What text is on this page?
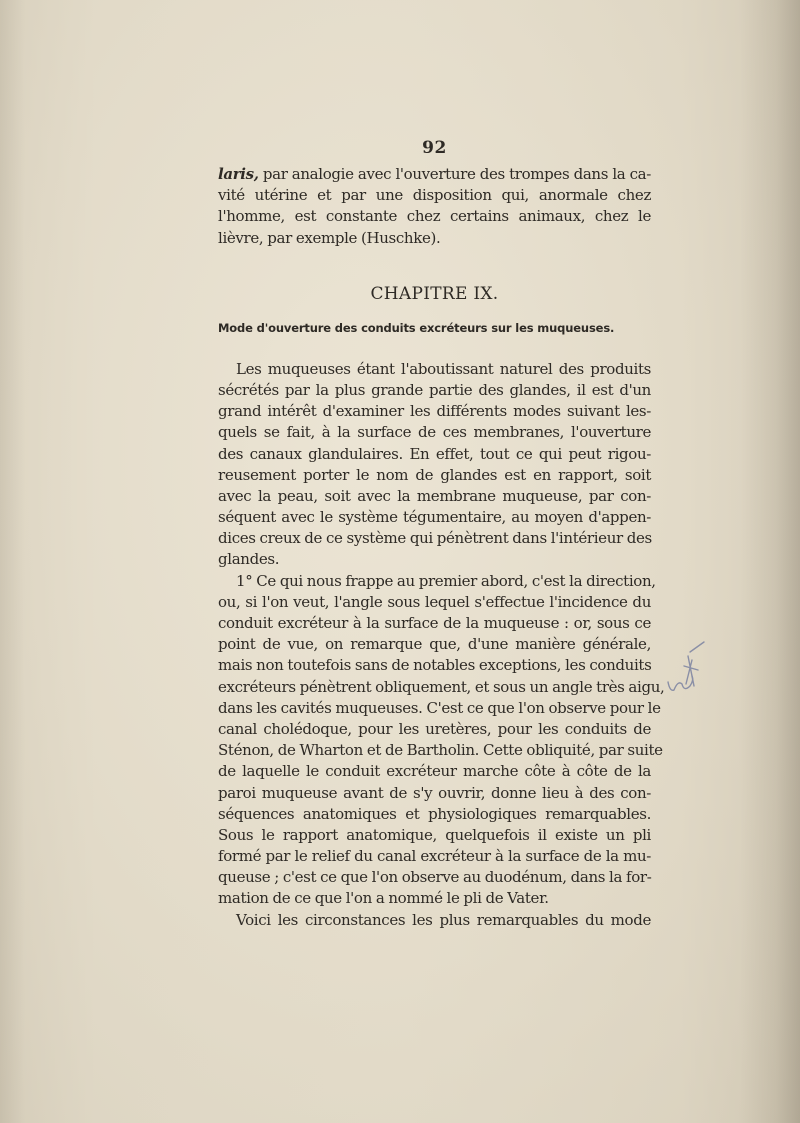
92
laris, par analogie avec l'ouverture des trompes dans la ca-
vité utérine et par une disposition qui, anormale chez
l'homme, est constante chez certains animaux, chez le
lièvre, par exemple (Huschke).
CHAPITRE IX.
Mode d'ouverture des conduits excréteurs sur les muqueuses.
Les muqueuses étant l'aboutissant naturel des produits
sécrétés par la plus grande partie des glandes, il est d'un
grand intérêt d'examiner les différents modes suivant les-
quels se fait, à la surface de ces membranes, l'ouverture
des canaux glandulaires. En effet, tout ce qui peut rigou-
reusement porter le nom de glandes est en rapport, soit
avec la peau, soit avec la membrane muqueuse, par con-
séquent avec le système tégumentaire, au moyen d'appen-
dices creux de ce système qui pénètrent dans l'intérieur des
glandes.
1° Ce qui nous frappe au premier abord, c'est la direction,
ou, si l'on veut, l'angle sous lequel s'effectue l'incidence du
conduit excréteur à la surface de la muqueuse : or, sous ce
point de vue, on remarque que, d'une manière générale,
mais non toutefois sans de notables exceptions, les conduits
excréteurs pénètrent obliquement, et sous un angle très aigu,
dans les cavités muqueuses. C'est ce que l'on observe pour le
canal cholédoque, pour les uretères, pour les conduits de
Sténon, de Wharton et de Bartholin. Cette obliquité, par suite
de laquelle le conduit excréteur marche côte à côte de la
paroi muqueuse avant de s'y ouvrir, donne lieu à des con-
séquences anatomiques et physiologiques remarquables.
Sous le rapport anatomique, quelquefois il existe un pli
formé par le relief du canal excréteur à la surface de la mu-
queuse ; c'est ce que l'on observe au duodénum, dans la for-
mation de ce que l'on a nommé le pli de Vater.
Voici les circonstances les plus remarquables du mode
